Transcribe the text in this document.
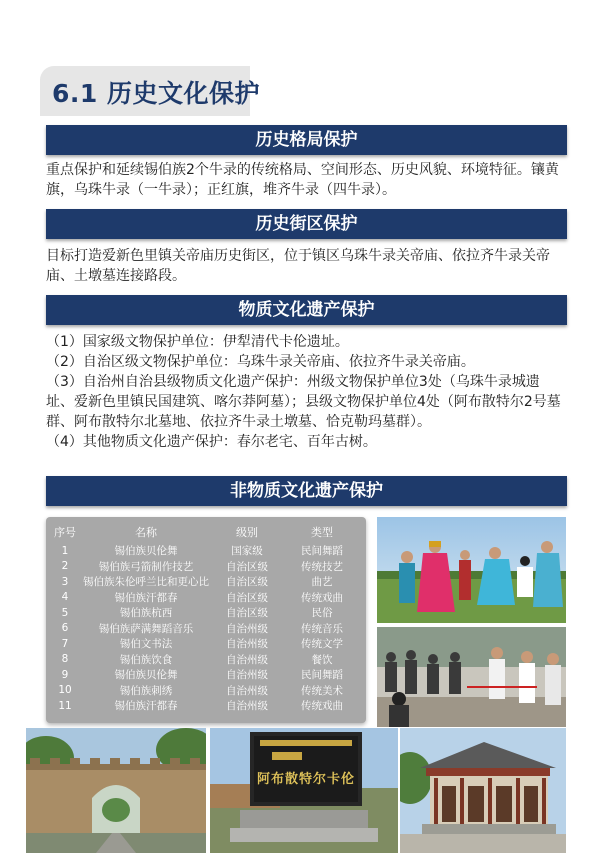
6.1 历史文化保护
历史格局保护

重点保护和延续锡伯族2个牛录的传统格局、空间形态、历史风貌、环境特征。镶黄旗，乌珠牛录（一牛录）；正红旗，堆齐牛录（四牛录）。

历史街区保护

目标打造爱新色里镇关帝庙历史街区，位于镇区乌珠牛录关帝庙、依拉齐牛录关帝庙、土墩墓连接路段。

物质文化遗产保护

（1）国家级文物保护单位：伊犁清代卡伦遗址。

（2）自治区级文物保护单位：乌珠牛录关帝庙、依拉齐牛录关帝庙。

（3）自治州自治县级物质文化遗产保护：州级文物保护单位3处（乌珠牛录城遗址、爱新色里镇民国建筑、喀尔莽阿墓）；县级文物保护单位4处（阿布散特尔2号墓群、阿布散特尔北墓地、依拉齐牛录土墩墓、恰克勒玛墓群）。

（4）其他物质文化遗产保护：春尔老宅、百年古树。

非物质文化遗产保护
序号	名称	级别	类型
1	锡伯族贝伦舞	国家级	民间舞蹈
2	锡伯族弓箭制作技艺	自治区级	传统技艺
3	锡伯族朱伦呼兰比和更心比	自治区级	曲艺
4	锡伯族汗都春	自治区级	传统戏曲
5	锡伯族杭西	自治区级	民俗
6	锡伯族萨满舞蹈音乐	自治州级	传统音乐
7	锡伯文书法	自治州级	传统文学
8	锡伯族饮食	自治州级	餐饮
9	锡伯族贝伦舞	自治州级	民间舞蹈
10	锡伯族刺绣	自治州级	传统美术
11	锡伯族汗都春	自治州级	传统戏曲
阿布散特尔卡伦
